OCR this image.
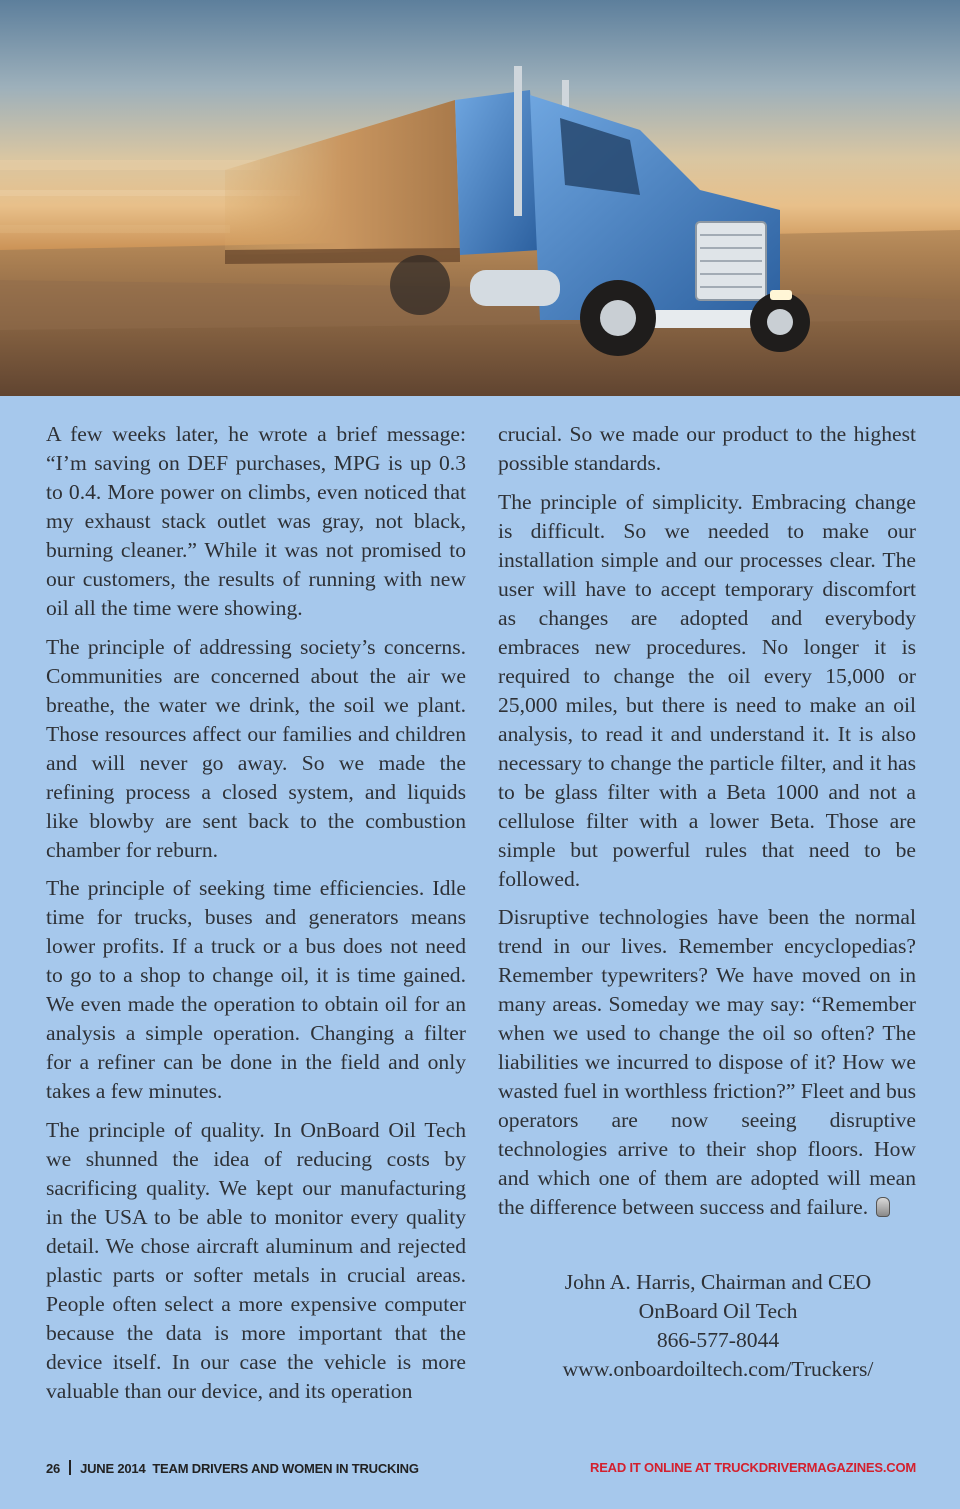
A few weeks later, he wrote a brief message: “I’m saving on DEF purchases, MPG is up 0.3 to 0.4. More power on climbs, even noticed that my exhaust stack outlet was gray, not black, burning cleaner.” While it was not promised to our customers, the results of running with new oil all the time were showing.

The principle of addressing society’s concerns. Communities are concerned about the air we breathe, the water we drink, the soil we plant. Those resources affect our families and children and will never go away. So we made the refining process a closed system, and liquids like blowby are sent back to the combustion chamber for reburn.

The principle of seeking time efficiencies. Idle time for trucks, buses and generators means lower profits. If a truck or a bus does not need to go to a shop to change oil, it is time gained. We even made the operation to obtain oil for an analysis a simple operation. Changing a filter for a refiner can be done in the field and only takes a few minutes.

The principle of quality. In OnBoard Oil Tech we shunned the idea of reducing costs by sacrificing quality. We kept our manufacturing in the USA to be able to monitor every quality detail. We chose aircraft aluminum and rejected plastic parts or softer metals in crucial areas. People often select a more expensive computer because the data is more important that the device itself. In our case the vehicle is more valuable than our device, and its operation

crucial. So we made our product to the highest possible standards.

The principle of simplicity. Embracing change is difficult. So we needed to make our installation simple and our processes clear. The user will have to accept temporary discomfort as changes are adopted and everybody embraces new procedures. No longer it is required to change the oil every 15,000 or 25,000 miles, but there is need to make an oil analysis, to read it and understand it. It is also necessary to change the particle filter, and it has to be glass filter with a Beta 1000 and not a cellulose filter with a lower Beta. Those are simple but powerful rules that need to be followed.

Disruptive technologies have been the normal trend in our lives. Remember encyclopedias? Remember typewriters? We have moved on in many areas. Someday we may say: “Remember when we used to change the oil so often? The liabilities we incurred to dispose of it? How we wasted fuel in worthless friction?” Fleet and bus operators are now seeing disruptive technologies arrive to their shop floors. How and which one of them are adopted will mean the difference between success and failure.

John A. Harris, Chairman and CEO
OnBoard Oil Tech
866-577-8044
www.onboardoiltech.com/Truckers/
26 JUNE 2014 TEAM DRIVERS AND WOMEN IN TRUCKING	READ IT ONLINE AT TRUCKDRIVERMAGAZINES.COM
